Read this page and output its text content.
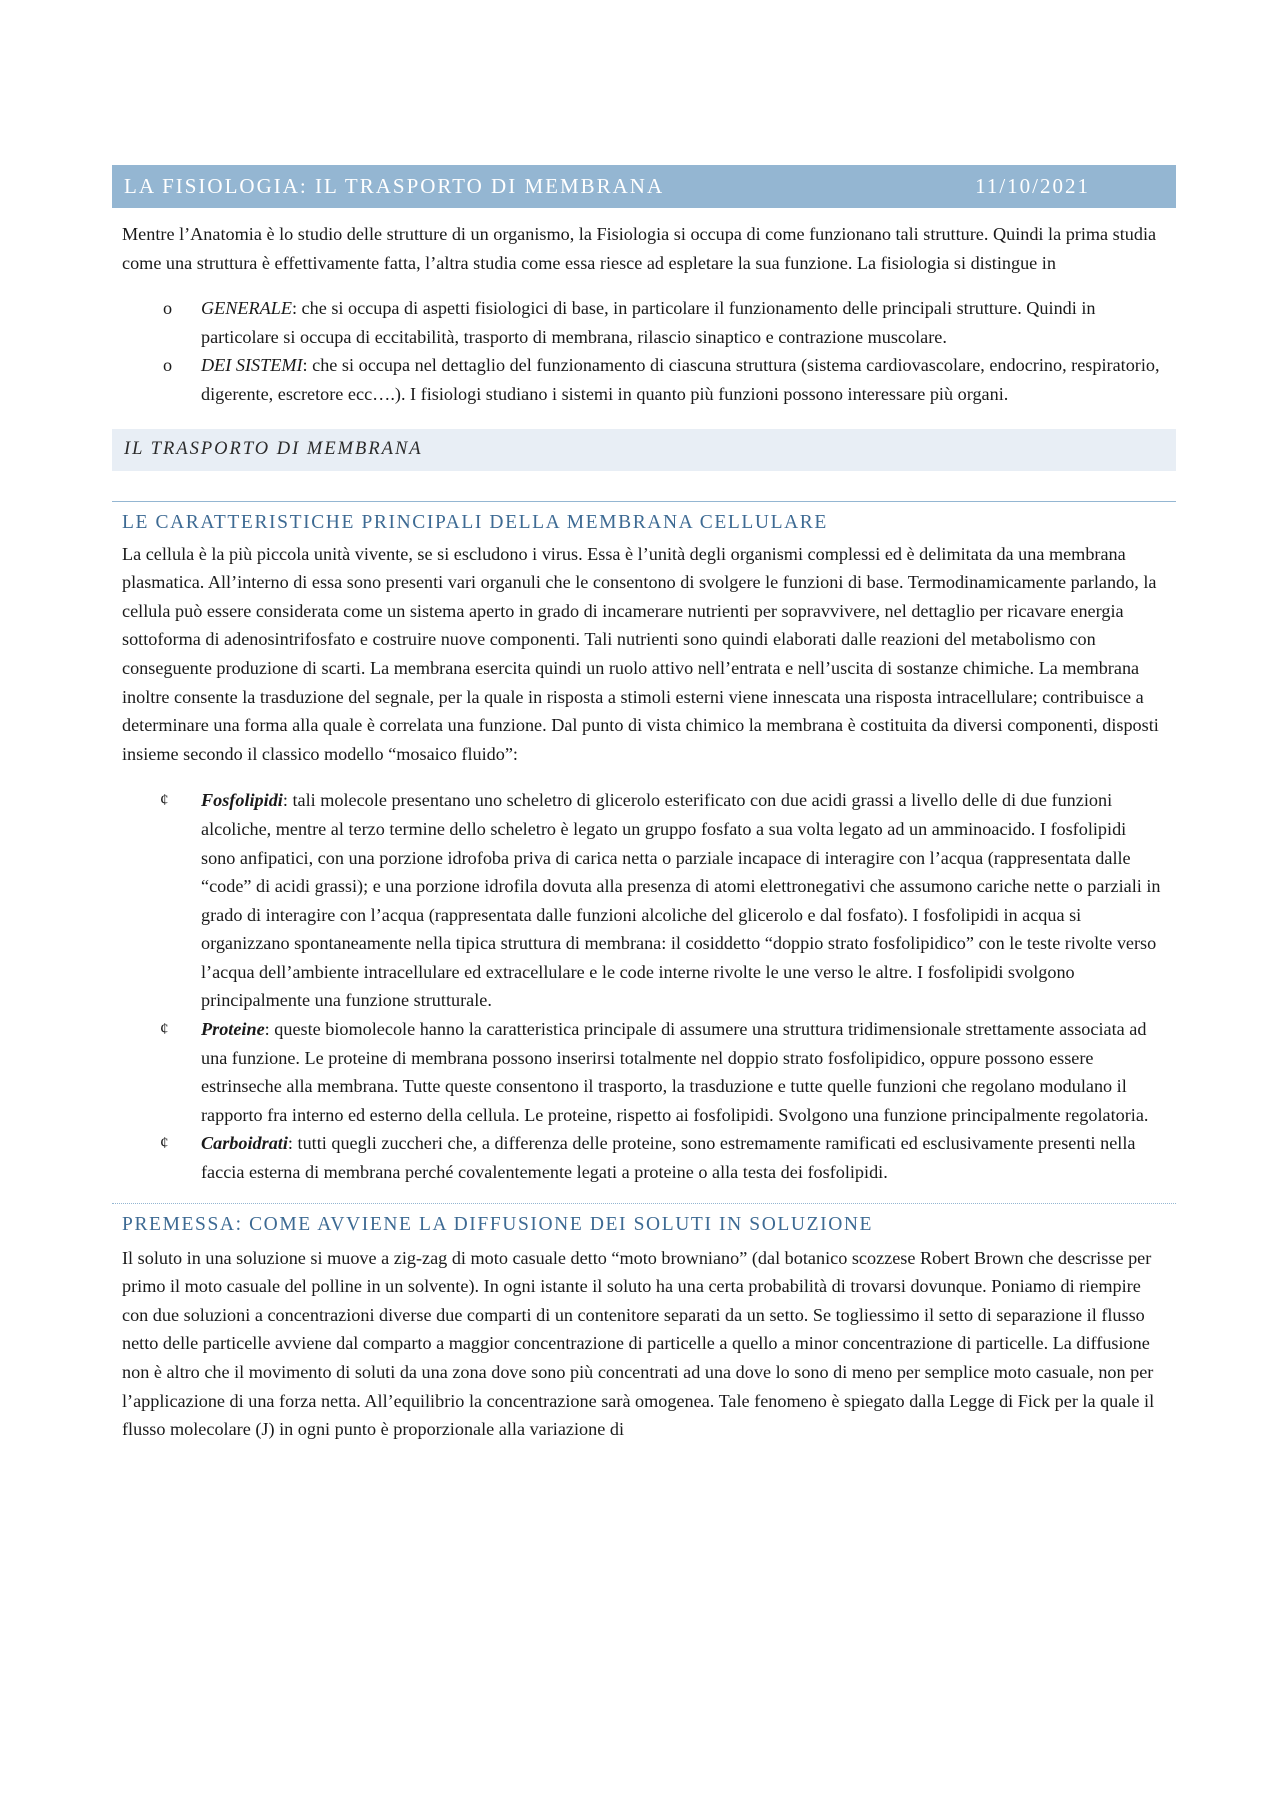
LA FISIOLOGIA: IL TRASPORTO DI MEMBRANA	11/10/2021

Mentre l’Anatomia è lo studio delle strutture di un organismo, la Fisiologia si occupa di come funzionano tali strutture. Quindi la prima studia come una struttura è effettivamente fatta, l’altra studia come essa riesce ad espletare la sua funzione. La fisiologia si distingue in

o GENERALE: che si occupa di aspetti fisiologici di base, in particolare il funzionamento delle principali strutture. Quindi in particolare si occupa di eccitabilità, trasporto di membrana, rilascio sinaptico e contrazione muscolare.
o DEI SISTEMI: che si occupa nel dettaglio del funzionamento di ciascuna struttura (sistema cardiovascolare, endocrino, respiratorio, digerente, escretore ecc….). I fisiologi studiano i sistemi in quanto più funzioni possono interessare più organi.
IL TRASPORTO DI MEMBRANA
LE CARATTERISTICHE PRINCIPALI DELLA MEMBRANA CELLULARE

La cellula è la più piccola unità vivente, se si escludono i virus. Essa è l’unità degli organismi complessi ed è delimitata da una membrana plasmatica. All’interno di essa sono presenti vari organuli che le consentono di svolgere le funzioni di base. Termodinamicamente parlando, la cellula può essere considerata come un sistema aperto in grado di incamerare nutrienti per sopravvivere, nel dettaglio per ricavare energia sottoforma di adenosintrifosfato e costruire nuove componenti. Tali nutrienti sono quindi elaborati dalle reazioni del metabolismo con conseguente produzione di scarti. La membrana esercita quindi un ruolo attivo nell’entrata e nell’uscita di sostanze chimiche. La membrana inoltre consente la trasduzione del segnale, per la quale in risposta a stimoli esterni viene innescata una risposta intracellulare; contribuisce a determinare una forma alla quale è correlata una funzione. Dal punto di vista chimico la membrana è costituita da diversi componenti, disposti insieme secondo il classico modello “mosaico fluido”:

¢ Fosfolipidi: tali molecole presentano uno scheletro di glicerolo esterificato con due acidi grassi a livello delle di due funzioni alcoliche, mentre al terzo termine dello scheletro è legato un gruppo fosfato a sua volta legato ad un amminoacido. I fosfolipidi sono anfipatici, con una porzione idrofoba priva di carica netta o parziale incapace di interagire con l’acqua (rappresentata dalle “code” di acidi grassi); e una porzione idrofila dovuta alla presenza di atomi elettronegativi che assumono cariche nette o parziali in grado di interagire con l’acqua (rappresentata dalle funzioni alcoliche del glicerolo e dal fosfato). I fosfolipidi in acqua si organizzano spontaneamente nella tipica struttura di membrana: il cosiddetto “doppio strato fosfolipidico” con le teste rivolte verso l’acqua dell’ambiente intracellulare ed extracellulare e le code interne rivolte le une verso le altre. I fosfolipidi svolgono principalmente una funzione strutturale.
¢ Proteine: queste biomolecole hanno la caratteristica principale di assumere una struttura tridimensionale strettamente associata ad una funzione. Le proteine di membrana possono inserirsi totalmente nel doppio strato fosfolipidico, oppure possono essere estrinseche alla membrana. Tutte queste consentono il trasporto, la trasduzione e tutte quelle funzioni che regolano modulano il rapporto fra interno ed esterno della cellula. Le proteine, rispetto ai fosfolipidi. Svolgono una funzione principalmente regolatoria.
¢ Carboidrati: tutti quegli zuccheri che, a differenza delle proteine, sono estremamente ramificati ed esclusivamente presenti nella faccia esterna di membrana perché covalentemente legati a proteine o alla testa dei fosfolipidi.
PREMESSA: COME AVVIENE LA DIFFUSIONE DEI SOLUTI IN SOLUZIONE

Il soluto in una soluzione si muove a zig-zag di moto casuale detto “moto browniano” (dal botanico scozzese Robert Brown che descrisse per primo il moto casuale del polline in un solvente). In ogni istante il soluto ha una certa probabilità di trovarsi dovunque. Poniamo di riempire con due soluzioni a concentrazioni diverse due comparti di un contenitore separati da un setto. Se togliessimo il setto di separazione il flusso netto delle particelle avviene dal comparto a maggior concentrazione di particelle a quello a minor concentrazione di particelle. La diffusione non è altro che il movimento di soluti da una zona dove sono più concentrati ad una dove lo sono di meno per semplice moto casuale, non per l’applicazione di una forza netta. All’equilibrio la concentrazione sarà omogenea. Tale fenomeno è spiegato dalla Legge di Fick per la quale il flusso molecolare (J) in ogni punto è proporzionale alla variazione di
